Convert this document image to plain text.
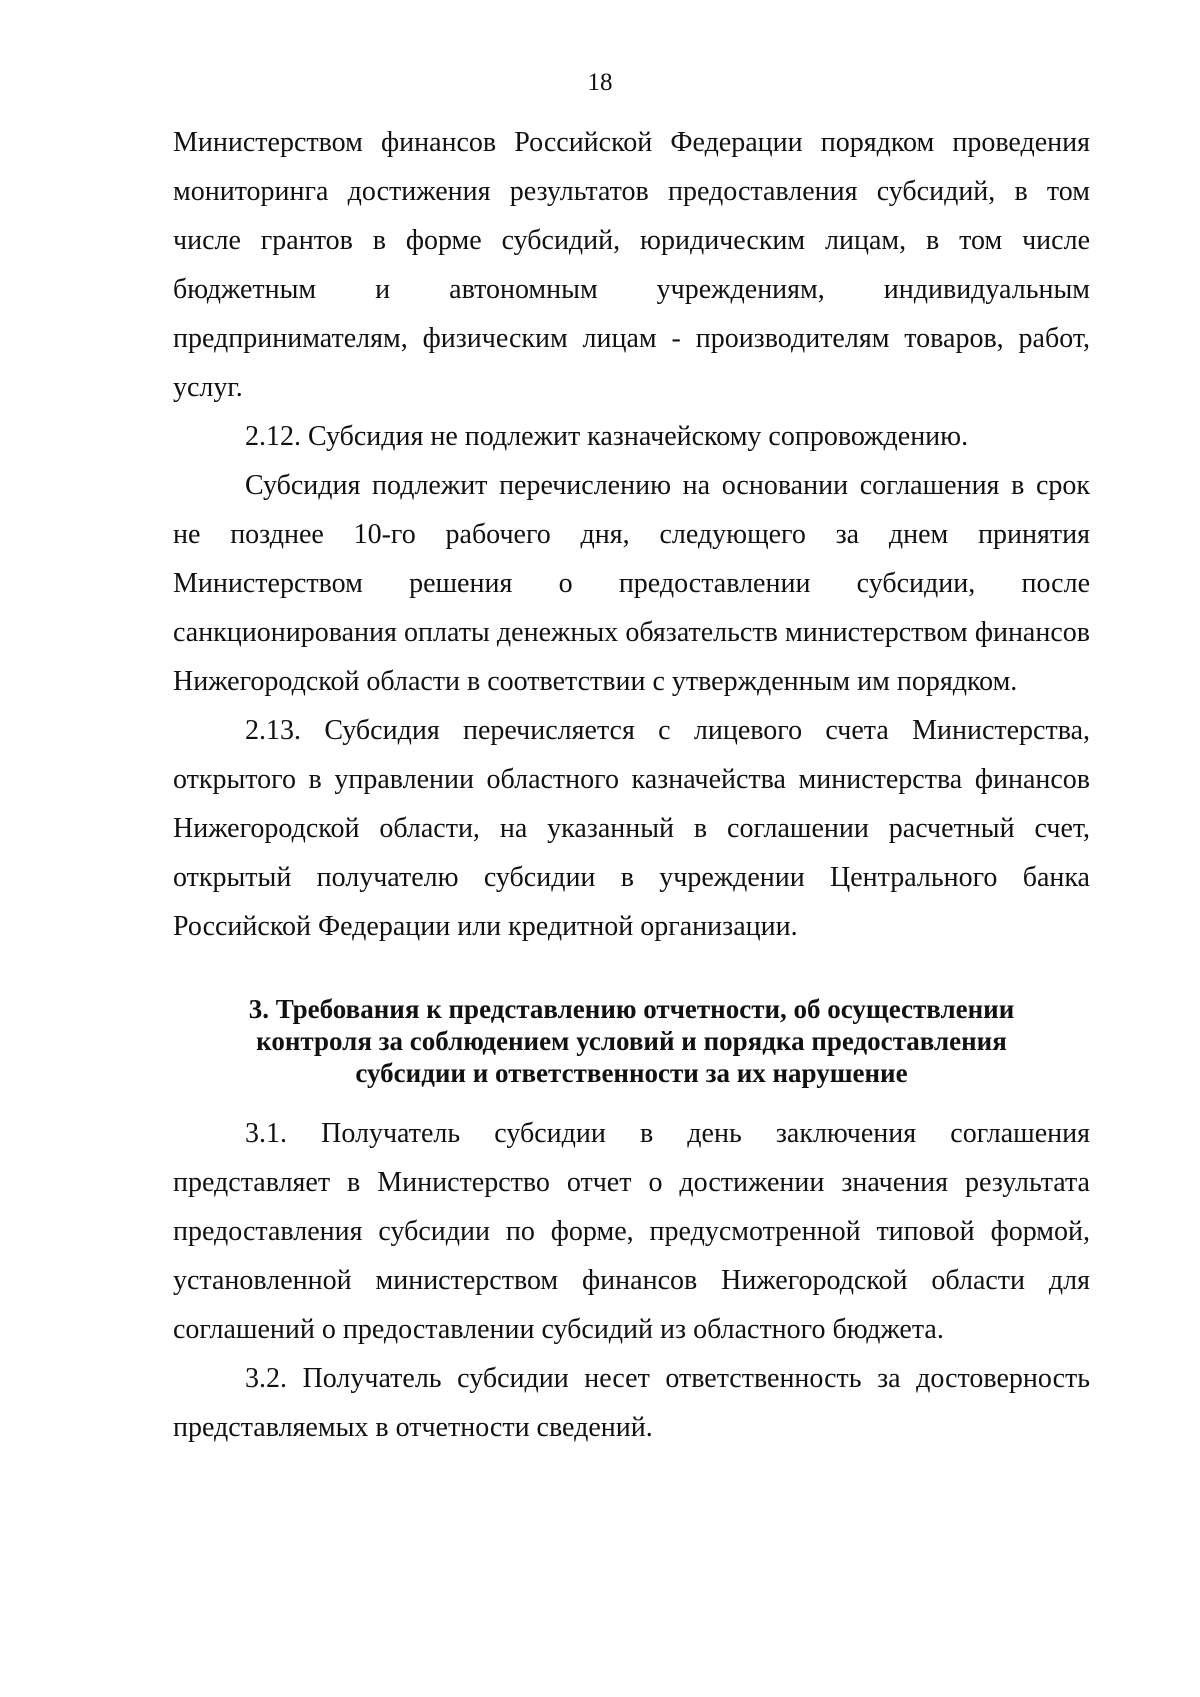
18

Министерством финансов Российской Федерации порядком проведения мониторинга достижения результатов предоставления субсидий, в том числе грантов в форме субсидий, юридическим лицам, в том числе бюджетным и автономным учреждениям, индивидуальным предпринимателям, физическим лицам - производителям товаров, работ, услуг.

2.12. Субсидия не подлежит казначейскому сопровождению.

Субсидия подлежит перечислению на основании соглашения в срок не позднее 10-го рабочего дня, следующего за днем принятия Министерством решения о предоставлении субсидии, после санкционирования оплаты денежных обязательств министерством финансов Нижегородской области в соответствии с утвержденным им порядком.

2.13. Субсидия перечисляется с лицевого счета Министерства, открытого в управлении областного казначейства министерства финансов Нижегородской области, на указанный в соглашении расчетный счет, открытый получателю субсидии в учреждении Центрального банка Российской Федерации или кредитной организации.

3. Требования к представлению отчетности, об осуществлении
контроля за соблюдением условий и порядка предоставления
субсидии и ответственности за их нарушение

3.1. Получатель субсидии в день заключения соглашения представляет в Министерство отчет о достижении значения результата предоставления субсидии по форме, предусмотренной типовой формой, установленной министерством финансов Нижегородской области для соглашений о предоставлении субсидий из областного бюджета.

3.2. Получатель субсидии несет ответственность за достоверность представляемых в отчетности сведений.
